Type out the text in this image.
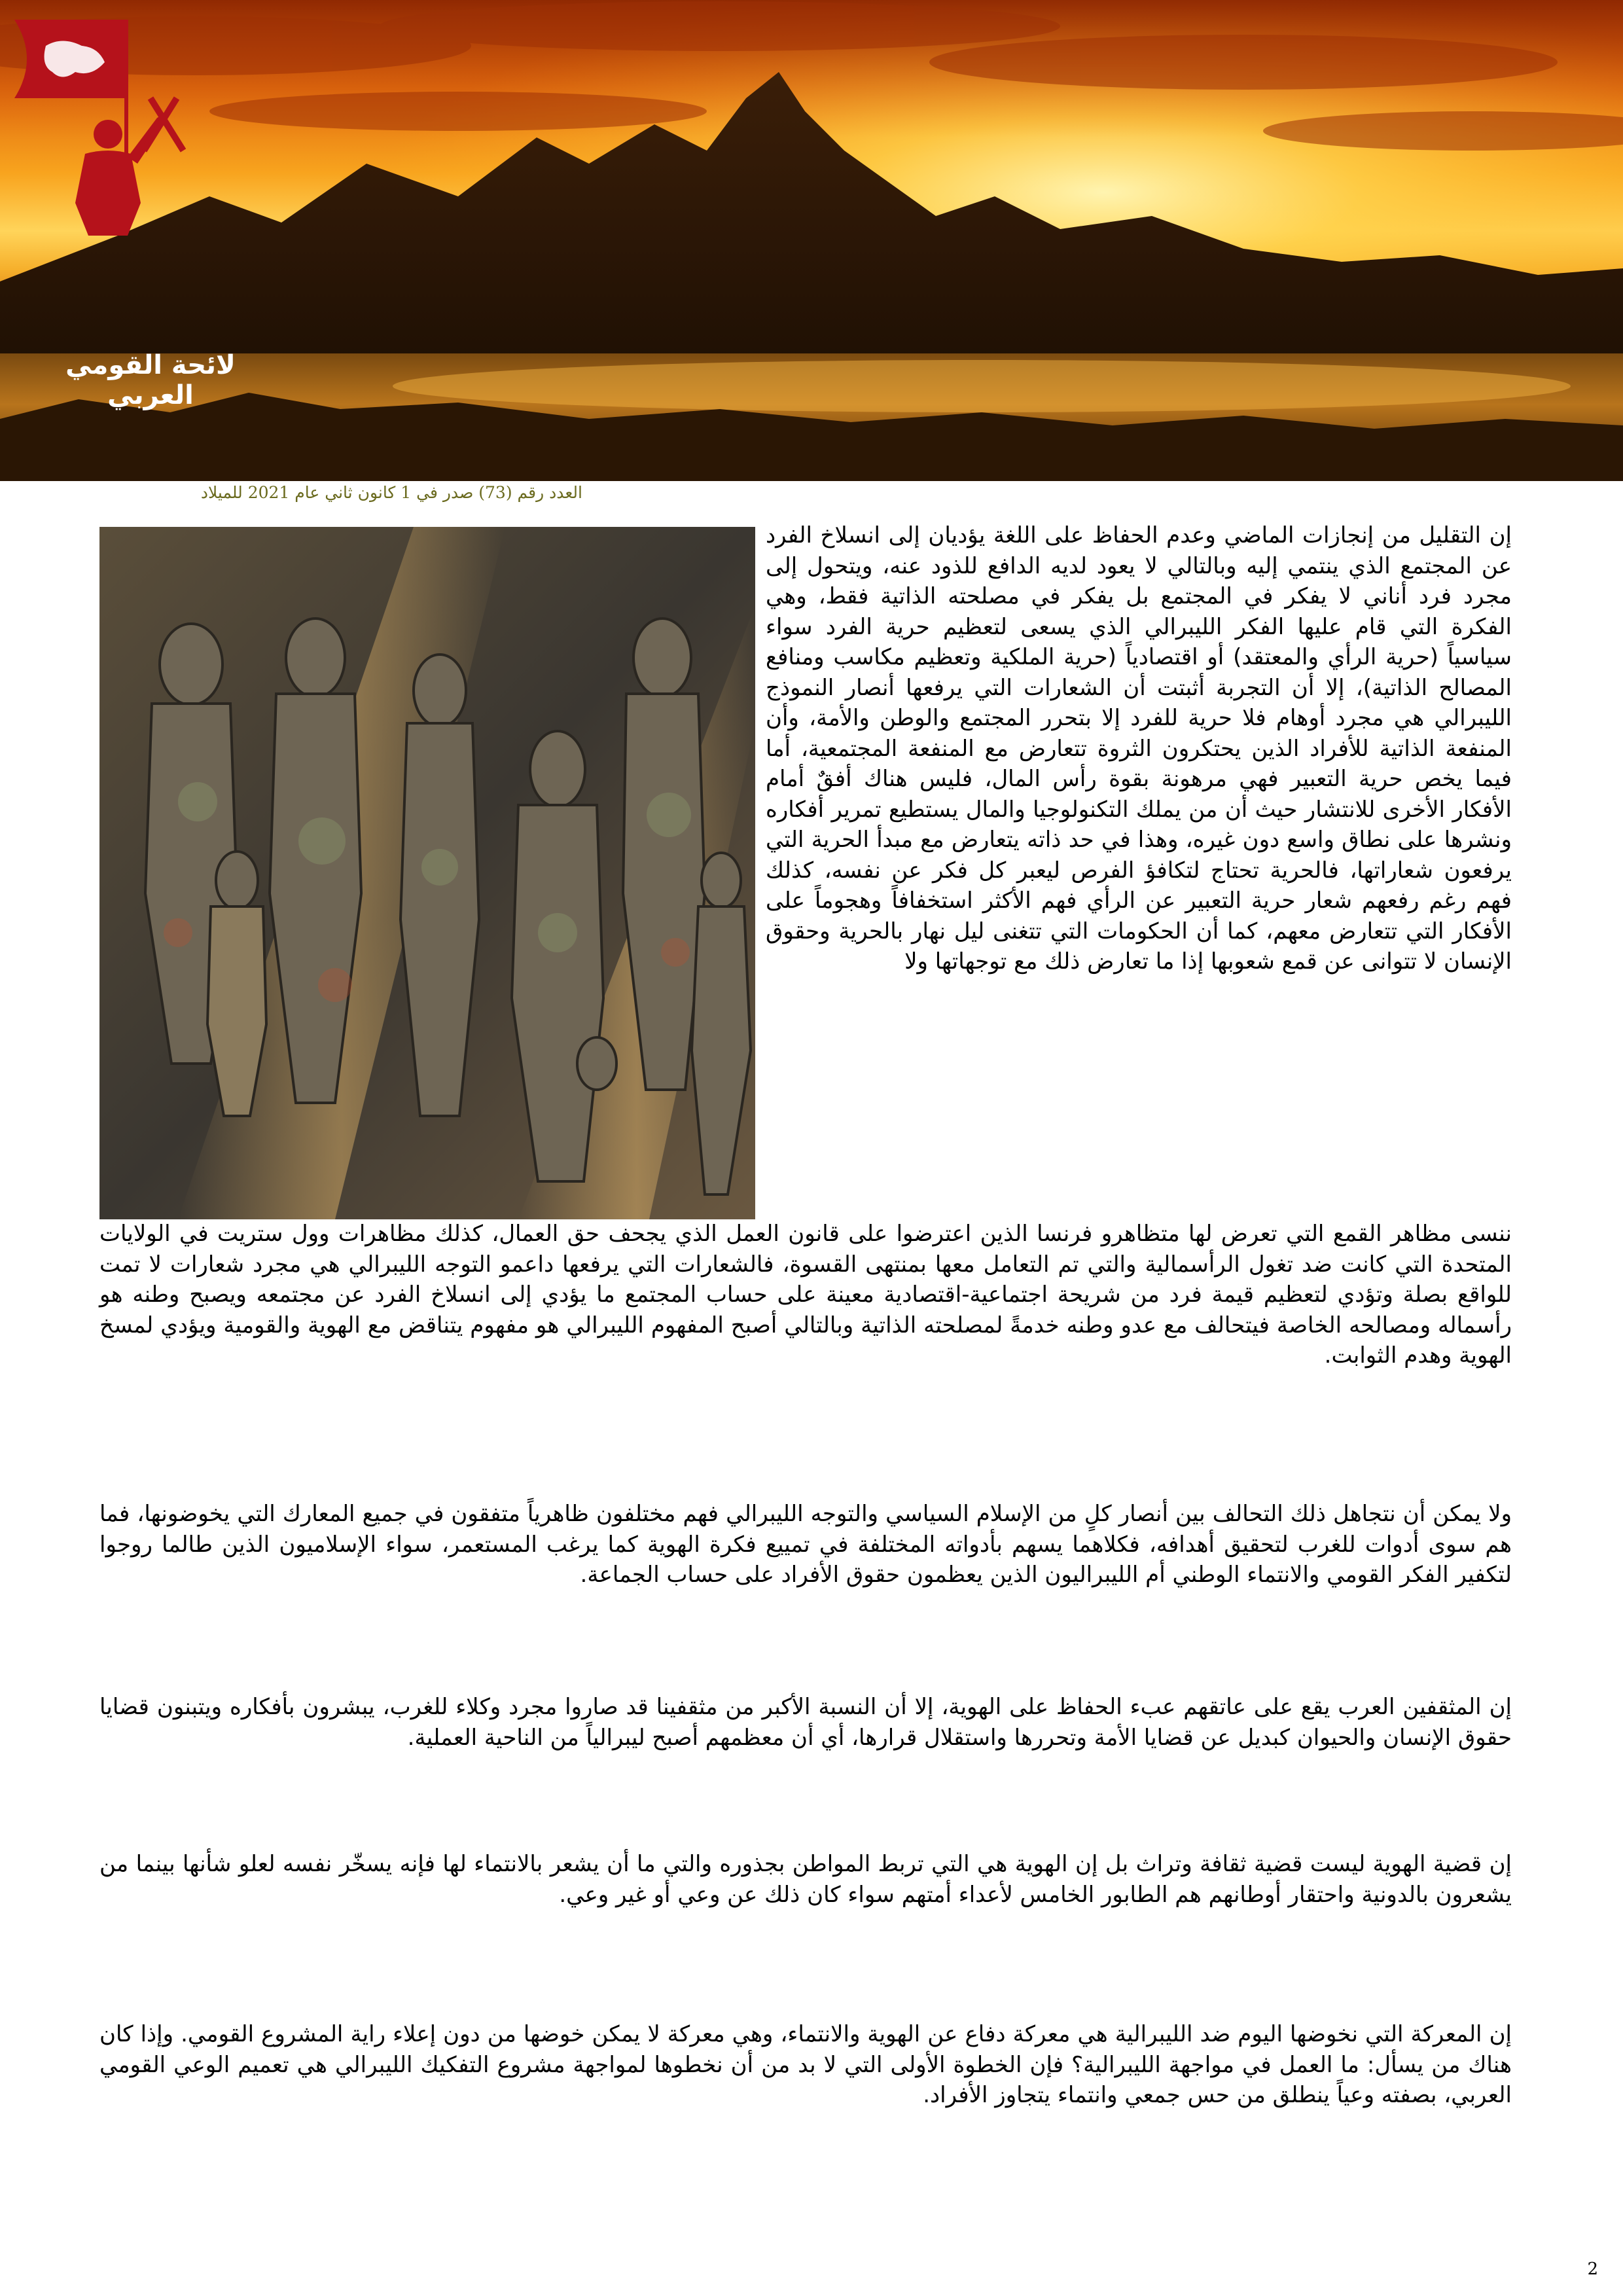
لائحة القومي العربي
العدد رقم (73) صدر في 1 كانون ثاني عام 2021 للميلاد

إن التقليل من إنجازات الماضي وعدم الحفاظ على اللغة يؤديان إلى انسلاخ الفرد عن المجتمع الذي ينتمي إليه وبالتالي لا يعود لديه الدافع للذود عنه، ويتحول إلى مجرد فرد أناني لا يفكر في المجتمع بل يفكر في مصلحته الذاتية فقط، وهي الفكرة التي قام عليها الفكر الليبرالي الذي يسعى لتعظيم حرية الفرد سواء سياسياً (حرية الرأي والمعتقد) أو اقتصادياً (حرية الملكية وتعظيم مكاسب ومنافع المصالح الذاتية)، إلا أن التجربة أثبتت أن الشعارات التي يرفعها أنصار النموذج الليبرالي هي مجرد أوهام فلا حرية للفرد إلا بتحرر المجتمع والوطن والأمة، وأن المنفعة الذاتية للأفراد الذين يحتكرون الثروة تتعارض مع المنفعة المجتمعية، أما فيما يخص حرية التعبير فهي مرهونة بقوة رأس المال، فليس هناك أفقٌ أمام الأفكار الأخرى للانتشار حيث أن من يملك التكنولوجيا والمال يستطيع تمرير أفكاره ونشرها على نطاق واسع دون غيره، وهذا في حد ذاته يتعارض مع مبدأ الحرية التي يرفعون شعاراتها، فالحرية تحتاج لتكافؤ الفرص ليعبر كل فكر عن نفسه، كذلك فهم رغم رفعهم شعار حرية التعبير عن الرأي فهم الأكثر استخفافاً وهجوماً على الأفكار التي تتعارض معهم، كما أن الحكومات التي تتغنى ليل نهار بالحرية وحقوق الإنسان لا تتوانى عن قمع شعوبها إذا ما تعارض ذلك مع توجهاتها ولا

ننسى مظاهر القمع التي تعرض لها متظاهرو فرنسا الذين اعترضوا على قانون العمل الذي يجحف حق العمال، كذلك مظاهرات وول ستريت في الولايات المتحدة التي كانت ضد تغول الرأسمالية والتي تم التعامل معها بمنتهى القسوة، فالشعارات التي يرفعها داعمو التوجه الليبرالي هي مجرد شعارات لا تمت للواقع بصلة وتؤدي لتعظيم قيمة فرد من شريحة اجتماعية-اقتصادية معينة على حساب المجتمع ما يؤدي إلى انسلاخ الفرد عن مجتمعه ويصبح وطنه هو رأسماله ومصالحه الخاصة فيتحالف مع عدو وطنه خدمةً لمصلحته الذاتية وبالتالي أصبح المفهوم الليبرالي هو مفهوم يتناقض مع الهوية والقومية ويؤدي لمسخ الهوية وهدم الثوابت.

ولا يمكن أن نتجاهل ذلك التحالف بين أنصار كلٍ من الإسلام السياسي والتوجه الليبرالي فهم مختلفون ظاهرياً متفقون في جميع المعارك التي يخوضونها، فما هم سوى أدوات للغرب لتحقيق أهدافه، فكلاهما يسهم بأدواته المختلفة في تمييع فكرة الهوية كما يرغب المستعمر، سواء الإسلاميون الذين طالما روجوا لتكفير الفكر القومي والانتماء الوطني أم الليبراليون الذين يعظمون حقوق الأفراد على حساب الجماعة.

إن المثقفين العرب يقع على عاتقهم عبء الحفاظ على الهوية، إلا أن النسبة الأكبر من مثقفينا قد صاروا مجرد وكلاء للغرب، يبشرون بأفكاره ويتبنون قضايا حقوق الإنسان والحيوان كبديل عن قضايا الأمة وتحررها واستقلال قرارها، أي أن معظمهم أصبح ليبرالياً من الناحية العملية.

إن قضية الهوية ليست قضية ثقافة وتراث بل إن الهوية هي التي تربط المواطن بجذوره والتي ما أن يشعر بالانتماء لها فإنه يسخّر نفسه لعلو شأنها بينما من يشعرون بالدونية واحتقار أوطانهم هم الطابور الخامس لأعداء أمتهم سواء كان ذلك عن وعي أو غير وعي.

إن المعركة التي نخوضها اليوم ضد الليبرالية هي معركة دفاع عن الهوية والانتماء، وهي معركة لا يمكن خوضها من دون إعلاء راية المشروع القومي. وإذا كان هناك من يسأل: ما العمل في مواجهة الليبرالية؟ فإن الخطوة الأولى التي لا بد من أن نخطوها لمواجهة مشروع التفكيك الليبرالي هي تعميم الوعي القومي العربي، بصفته وعياً ينطلق من حس جمعي وانتماء يتجاوز الأفراد.

2
